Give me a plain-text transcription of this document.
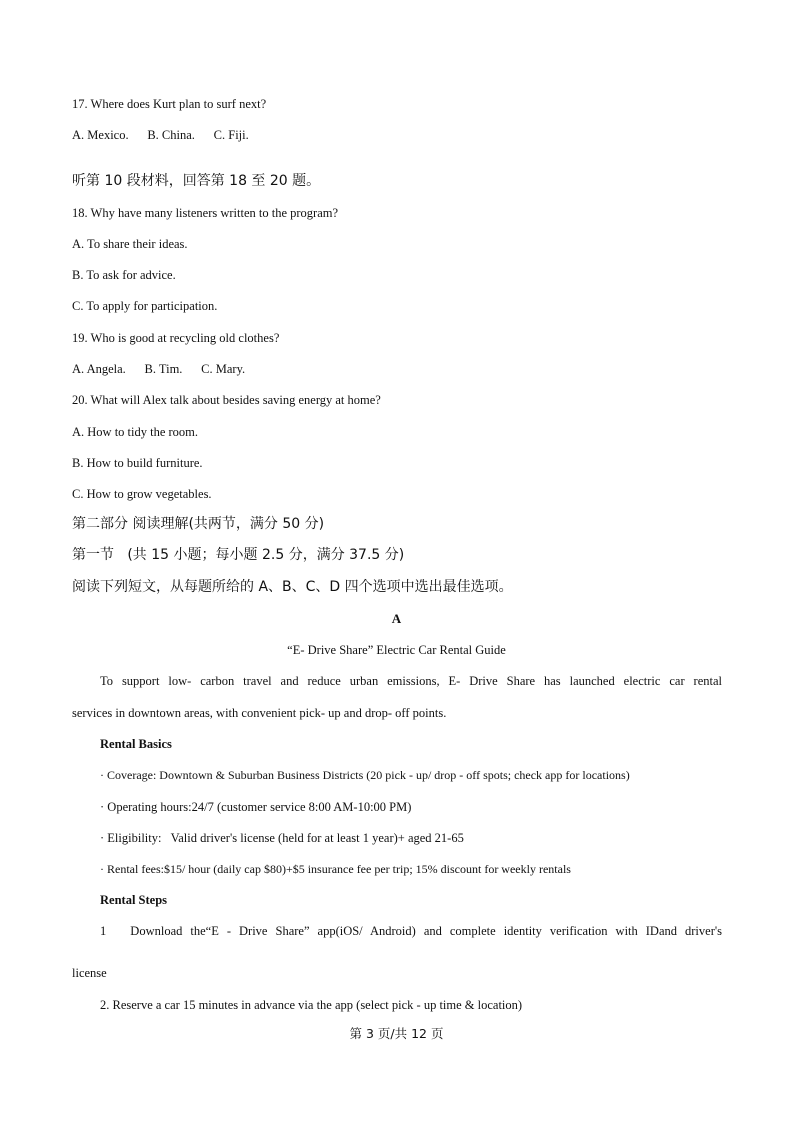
17. Where does Kurt plan to surf next?
A. Mexico.      B. China.      C. Fiji.
听第 10 段材料，回答第 18 至 20 题。
18. Why have many listeners written to the program?
A. To share their ideas.
B. To ask for advice.
C. To apply for participation.
19. Who is good at recycling old clothes?
A. Angela.      B. Tim.      C. Mary.
20. What will Alex talk about besides saving energy at home?
A. How to tidy the room.
B. How to build furniture.
C. How to grow vegetables.
第二部分 阅读理解(共两节，满分 50 分)
第一节   (共 15 小题；每小题 2.5 分，满分 37.5 分)
阅读下列短文，从每题所给的 A、B、C、D 四个选项中选出最佳选项。
A
“E- Drive Share” Electric Car Rental Guide
To support low- carbon travel and reduce urban emissions, E- Drive Share has launched electric car rental
services in downtown areas, with convenient pick- up and drop- off points.
Rental Basics
· Coverage: Downtown & Suburban Business Districts (20 pick - up/ drop - off spots; check app for locations)
· Operating hours:24/7 (customer service 8:00 AM-10:00 PM)
· Eligibility:   Valid driver's license (held for at least 1 year)+ aged 21-65
· Rental fees:$15/ hour (daily cap $80)+$5 insurance fee per trip; 15% discount for weekly rentals
Rental Steps
1   Download the“E - Drive Share” app(iOS/ Android) and complete identity verification with IDand driver's
license
2. Reserve a car 15 minutes in advance via the app (select pick - up time & location)
第 3 页/共 12 页
